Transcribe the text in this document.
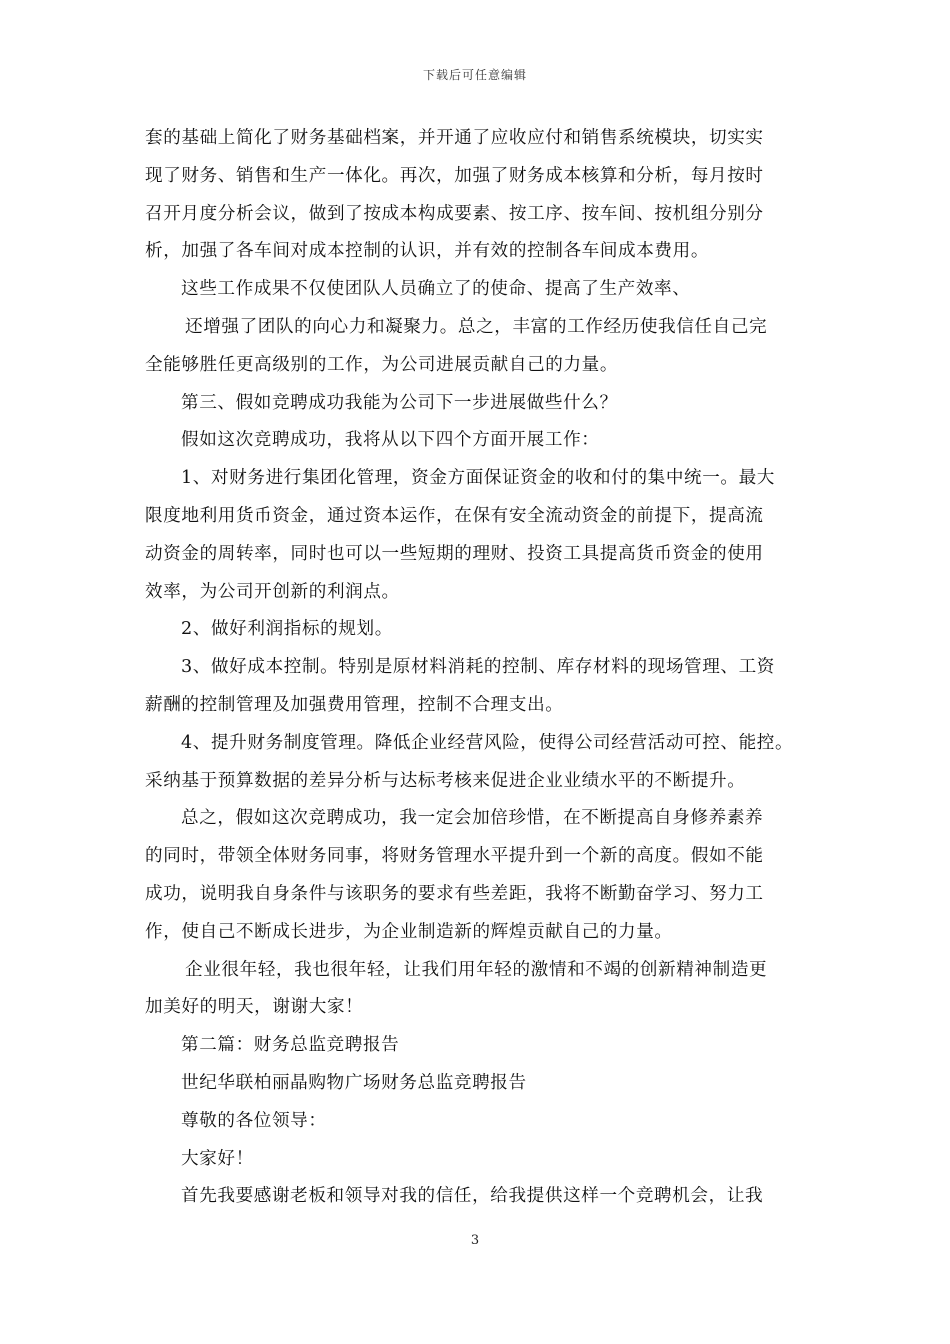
下载后可任意编辑
套的基础上简化了财务基础档案，并开通了应收应付和销售系统模块，切实实
现了财务、销售和生产一体化。再次，加强了财务成本核算和分析，每月按时
召开月度分析会议，做到了按成本构成要素、按工序、按车间、按机组分别分
析，加强了各车间对成本控制的认识，并有效的控制各车间成本费用。
这些工作成果不仅使团队人员确立了的使命、提高了生产效率、
还增强了团队的向心力和凝聚力。总之，丰富的工作经历使我信任自己完
全能够胜任更高级别的工作，为公司进展贡献自己的力量。
第三、假如竞聘成功我能为公司下一步进展做些什么？
假如这次竞聘成功，我将从以下四个方面开展工作：
1、对财务进行集团化管理，资金方面保证资金的收和付的集中统一。最大
限度地利用货币资金，通过资本运作，在保有安全流动资金的前提下，提高流
动资金的周转率，同时也可以一些短期的理财、投资工具提高货币资金的使用
效率，为公司开创新的利润点。
2、做好利润指标的规划。
3、做好成本控制。特别是原材料消耗的控制、库存材料的现场管理、工资
薪酬的控制管理及加强费用管理，控制不合理支出。
4、提升财务制度管理。降低企业经营风险，使得公司经营活动可控、能控。
采纳基于预算数据的差异分析与达标考核来促进企业业绩水平的不断提升。
总之，假如这次竞聘成功，我一定会加倍珍惜，在不断提高自身修养素养
的同时，带领全体财务同事，将财务管理水平提升到一个新的高度。假如不能
成功，说明我自身条件与该职务的要求有些差距，我将不断勤奋学习、努力工
作，使自己不断成长进步，为企业制造新的辉煌贡献自己的力量。
企业很年轻，我也很年轻，让我们用年轻的激情和不竭的创新精神制造更
加美好的明天，谢谢大家！
第二篇：财务总监竞聘报告
世纪华联柏丽晶购物广场财务总监竞聘报告
尊敬的各位领导：
大家好！
首先我要感谢老板和领导对我的信任，给我提供这样一个竞聘机会，让我
3
